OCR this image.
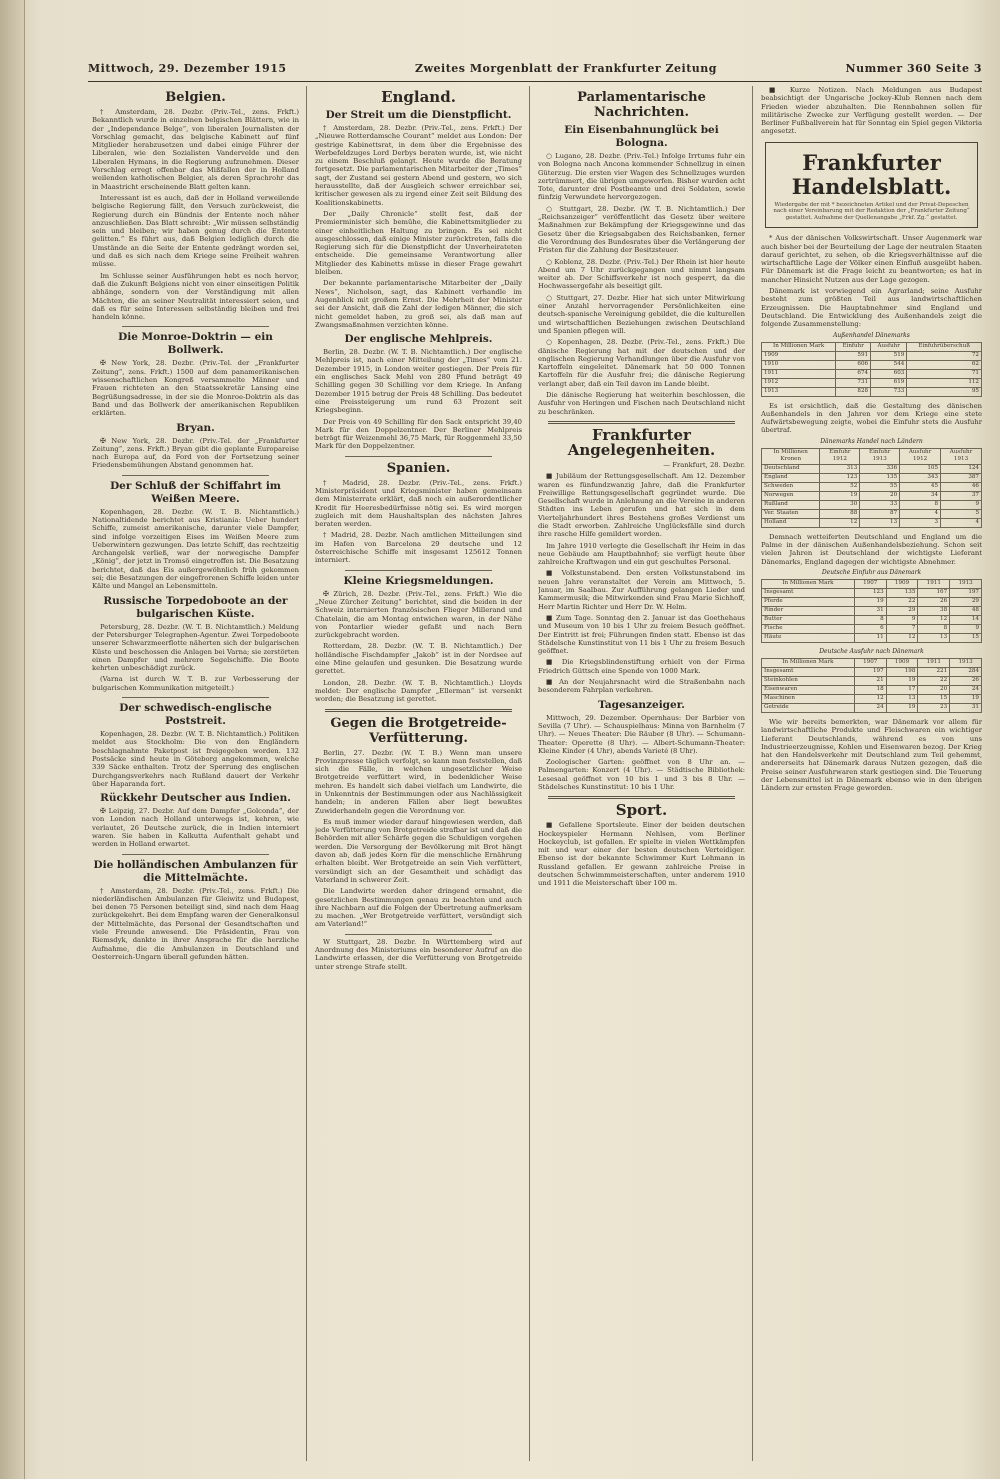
Mittwoch, 29. Dezember 1915	Zweites Morgenblatt der Frankfurter Zeitung	Nummer 360 Seite 3
Belgien.

† Amsterdam, 28. Dezbr. (Priv.-Tel., zens. Frkft.) Bekanntlich wurde in einzelnen belgischen Blättern, wie in der „Independance Belge“, von liberalen Journalisten der Vorschlag gemacht, das belgische Kabinett auf fünf Mitglieder herabzusetzen und dabei einige Führer der Liberalen, wie den Sozialisten Vandervelde und den Liberalen Hymans, in die Regierung aufzunehmen. Dieser Vorschlag erregt offenbar das Mißfallen der in Holland weilenden katholischen Belgier, als deren Sprachrohr das in Maastricht erscheinende Blatt gelten kann.

Interessant ist es auch, daß der in Holland verweilende belgische Regierung fällt, den Versuch zurückweist, die Regierung durch ein Bündnis der Entente noch näher anzuschließen. Das Blatt schreibt: „Wir müssen selbständig sein und bleiben; wir haben genug durch die Entente gelitten.“ Es führt aus, daß Belgien lediglich durch die Umstände an die Seite der Entente gedrängt worden sei, und daß es sich nach dem Kriege seine Freiheit wahren müsse.

Im Schlusse seiner Ausführungen hebt es noch hervor, daß die Zukunft Belgiens nicht von einer einseitigen Politik abhänge, sondern von der Verständigung mit allen Mächten, die an seiner Neutralität interessiert seien, und daß es für seine Interessen selbständig bleiben und frei handeln könne.

Die Monroe-Doktrin — ein Bollwerk.

✠ New York, 28. Dezbr. (Priv.-Tel. der „Frankfurter Zeitung“, zens. Frkft.) 1500 auf dem panamerikanischen wissenschaftlichen Kongreß versammelte Männer und Frauen richteten an den Staatssekretär Lansing eine Begrüßungsadresse, in der sie die Monroe-Doktrin als das Band und das Bollwerk der amerikanischen Republiken erklärten.

Bryan.

✠ New York, 28. Dezbr. (Priv.-Tel. der „Frankfurter Zeitung“, zens. Frkft.) Bryan gibt die geplante Europareise nach Europa auf, da Ford von der Fortsetzung seiner Friedensbemühungen Abstand genommen hat.

Der Schluß der Schiffahrt im Weißen Meere.

Kopenhagen, 28. Dezbr. (W. T. B. Nichtamtlich.) Nationaltidende berichtet aus Kristiania: Ueber hundert Schiffe, zumeist amerikanische, darunter viele Dampfer, sind infolge vorzeitigen Eises im Weißen Meere zum Ueberwintern gezwungen. Das letzte Schiff, das rechtzeitig Archangelsk verließ, war der norwegische Dampfer „König“, der jetzt in Tromsö eingetroffen ist. Die Besatzung berichtet, daß das Eis außergewöhnlich früh gekommen sei; die Besatzungen der eingefrorenen Schiffe leiden unter Kälte und Mangel an Lebensmitteln.

Russische Torpedoboote an der bulgarischen Küste.

Petersburg, 28. Dezbr. (W. T. B. Nichtamtlich.) Meldung der Petersburger Telegraphen-Agentur. Zwei Torpedoboote unserer Schwarzmeerflotte näherten sich der bulgarischen Küste und beschossen die Anlagen bei Varna; sie zerstörten einen Dampfer und mehrere Segelschiffe. Die Boote kehrten unbeschädigt zurück.

(Varna ist durch W. T. B. zur Verbesserung der bulgarischen Kommunikation mitgeteilt.)

Der schwedisch-englische Poststreit.

Kopenhagen, 28. Dezbr. (W. T. B. Nichtamtlich.) Politiken meldet aus Stockholm: Die von den Engländern beschlagnahmte Paketpost ist freigegeben worden. 132 Postsäcke sind heute in Göteborg angekommen, welche 339 Säcke enthalten. Trotz der Sperrung des englischen Durchgangsverkehrs nach Rußland dauert der Verkehr über Haparanda fort.

Rückkehr Deutscher aus Indien.

✠ Leipzig, 27. Dezbr. Auf dem Dampfer „Golconda“, der von London nach Holland unterwegs ist, kehren, wie verlautet, 26 Deutsche zurück, die in Indien interniert waren. Sie haben in Kalkutta Aufenthalt gehabt und werden in Holland erwartet.

Die holländischen Ambulanzen für die Mittelmächte.

† Amsterdam, 28. Dezbr. (Priv.-Tel., zens. Frkft.) Die niederländischen Ambulanzen für Gleiwitz und Budapest, bei denen 75 Personen beteiligt sind, sind nach dem Haag zurückgekehrt. Bei dem Empfang waren der Generalkonsul der Mittelmächte, das Personal der Gesandtschaften und viele Freunde anwesend. Die Präsidentin, Frau von Riemsdyk, dankte in ihrer Ansprache für die herzliche Aufnahme, die die Ambulanzen in Deutschland und Oesterreich-Ungarn überall gefunden hätten.

England.
Der Streit um die Dienstpflicht.

† Amsterdam, 28. Dezbr. (Priv.-Tel., zens. Frkft.) Der „Nieuwe Rotterdamsche Courant“ meldet aus London: Der gestrige Kabinettsrat, in dem über die Ergebnisse des Werbefeldzuges Lord Derbys beraten wurde, ist, wie nicht zu einem Beschluß gelangt. Heute wurde die Beratung fortgesetzt. Die parlamentarischen Mitarbeiter der „Times“ sagt, der Zustand sei gestern Abend und gestern, wo sich herausstellte, daß der Ausgleich schwer erreichbar sei, kritischer gewesen als zu irgend einer Zeit seit Bildung des Koalitionskabinetts.

Der „Daily Chronicle“ stellt fest, daß der Premierminister sich bemühe, die Kabinettsmitglieder zu einer einheitlichen Haltung zu bringen. Es sei nicht ausgeschlossen, daß einige Minister zurücktreten, falls die Regierung sich für die Dienstpflicht der Unverheirateten entscheide. Die gemeinsame Verantwortung aller Mitglieder des Kabinetts müsse in dieser Frage gewahrt bleiben.

Der bekannte parlamentarische Mitarbeiter der „Daily News“, Nicholson, sagt, das Kabinett verhandle im Augenblick mit großem Ernst. Die Mehrheit der Minister sei der Ansicht, daß die Zahl der ledigen Männer, die sich nicht gemeldet haben, zu groß sei, als daß man auf Zwangsmaßnahmen verzichten könne.

Der englische Mehlpreis.

Berlin, 28. Dezbr. (W. T. B. Nichtamtlich.) Der englische Mehlpreis ist, nach einer Mitteilung der „Times“ vom 21. Dezember 1915, in London weiter gestiegen. Der Preis für ein englisches Sack Mehl von 280 Pfund beträgt 49 Schilling gegen 30 Schilling vor dem Kriege. In Anfang Dezember 1915 betrug der Preis 48 Schilling. Das bedeutet eine Preissteigerung um rund 63 Prozent seit Kriegsbeginn.

Der Preis von 49 Schilling für den Sack entspricht 39,40 Mark für den Doppelzentner. Der Berliner Mehlpreis beträgt für Weizenmehl 36,75 Mark, für Roggenmehl 33,50 Mark für den Doppelzentner.

Spanien.

† Madrid, 28. Dezbr. (Priv.-Tel., zens. Frkft.) Ministerpräsident und Kriegsminister haben gemeinsam dem Ministerrate erklärt, daß noch ein außerordentlicher Kredit für Heeresbedürfnisse nötig sei. Es wird morgen zugleich mit dem Haushaltsplan des nächsten Jahres beraten werden.

† Madrid, 28. Dezbr. Nach amtlichen Mitteilungen sind im Hafen von Barcelona 29 deutsche und 12 österreichische Schiffe mit insgesamt 125612 Tonnen interniert.

Kleine Kriegsmeldungen.

✠ Zürich, 28. Dezbr. (Priv.-Tel., zens. Frkft.) Wie die „Neue Zürcher Zeitung“ berichtet, sind die beiden in der Schweiz internierten französischen Flieger Millerand und Chatelain, die am Montag entwichen waren, in der Nähe von Pontarlier wieder gefaßt und nach Bern zurückgebracht worden.

Rotterdam, 28. Dezbr. (W. T. B. Nichtamtlich.) Der holländische Fischdampfer „Jakob“ ist in der Nordsee auf eine Mine gelaufen und gesunken. Die Besatzung wurde gerettet.

London, 28. Dezbr. (W. T. B. Nichtamtlich.) Lloyds meldet: Der englische Dampfer „Ellerman“ ist versenkt worden; die Besatzung ist gerettet.

Gegen die Brotgetreide-Verfütterung.

Berlin, 27. Dezbr. (W. T. B.) Wenn man unsere Provinzpresse täglich verfolgt, so kann man feststellen, daß sich die Fälle, in welchen ungesetzlicher Weise Brotgetreide verfüttert wird, in bedenklicher Weise mehren. Es handelt sich dabei vielfach um Landwirte, die in Unkenntnis der Bestimmungen oder aus Nachlässigkeit handeln; in anderen Fällen aber liegt bewußtes Zuwiderhandeln gegen die Verordnung vor.

Es muß immer wieder darauf hingewiesen werden, daß jede Verfütterung von Brotgetreide strafbar ist und daß die Behörden mit aller Schärfe gegen die Schuldigen vorgehen werden. Die Versorgung der Bevölkerung mit Brot hängt davon ab, daß jedes Korn für die menschliche Ernährung erhalten bleibt. Wer Brotgetreide an sein Vieh verfüttert, versündigt sich an der Gesamtheit und schädigt das Vaterland in schwerer Zeit.

Die Landwirte werden daher dringend ermahnt, die gesetzlichen Bestimmungen genau zu beachten und auch ihre Nachbarn auf die Folgen der Übertretung aufmerksam zu machen. „Wer Brotgetreide verfüttert, versündigt sich am Vaterland!“

W Stuttgart, 28. Dezbr. In Württemberg wird auf Anordnung des Ministeriums ein besonderer Aufruf an die Landwirte erlassen, der die Verfütterung von Brotgetreide unter strenge Strafe stellt.

Parlamentarische Nachrichten.
Ein Eisenbahnunglück bei Bologna.

○ Lugano, 28. Dezbr. (Priv.-Tel.) Infolge Irrtums fuhr ein von Bologna nach Ancona kommender Schnellzug in einen Güterzug. Die ersten vier Wagen des Schnellzuges wurden zertrümmert, die übrigen umgeworfen. Bisher wurden acht Tote, darunter drei Postbeamte und drei Soldaten, sowie fünfzig Verwundete hervorgezogen.

○ Stuttgart, 28. Dezbr. (W. T. B. Nichtamtlich.) Der „Reichsanzeiger“ veröffentlicht das Gesetz über weitere Maßnahmen zur Bekämpfung der Kriegsgewinne und das Gesetz über die Kriegsabgaben des Reichsbanken, ferner die Verordnung des Bundesrates über die Verlängerung der Fristen für die Zahlung der Besitzsteuer.

○ Koblenz, 28. Dezbr. (Priv.-Tel.) Der Rhein ist hier heute Abend um 7 Uhr zurückgegangen und nimmt langsam weiter ab. Der Schiffsverkehr ist noch gesperrt, da die Hochwassergefahr als beseitigt gilt.

○ Stuttgart, 27. Dezbr. Hier hat sich unter Mitwirkung einer Anzahl hervorragender Persönlichkeiten eine deutsch-spanische Vereinigung gebildet, die die kulturellen und wirtschaftlichen Beziehungen zwischen Deutschland und Spanien pflegen will.

○ Kopenhagen, 28. Dezbr. (Priv.-Tel., zens. Frkft.) Die dänische Regierung hat mit der deutschen und der englischen Regierung Verhandlungen über die Ausfuhr von Kartoffeln eingeleitet. Dänemark hat 50 000 Tonnen Kartoffeln für die Ausfuhr frei; die dänische Regierung verlangt aber, daß ein Teil davon im Lande bleibt.

Die dänische Regierung hat weiterhin beschlossen, die Ausfuhr von Heringen und Fischen nach Deutschland nicht zu beschränken.

Frankfurter Angelegenheiten.

— Frankfurt, 28. Dezbr.

■ Jubiläum der Rettungsgesellschaft. Am 12. Dezember waren es fünfundzwanzig Jahre, daß die Frankfurter Freiwillige Rettungsgesellschaft gegründet wurde. Die Gesellschaft wurde in Anlehnung an die Vereine in anderen Städten ins Leben gerufen und hat sich in dem Vierteljahrhundert ihres Bestehens großes Verdienst um die Stadt erworben. Zahlreiche Unglücksfälle sind durch ihre rasche Hilfe gemildert worden.

Im Jahre 1910 verlegte die Gesellschaft ihr Heim in das neue Gebäude am Hauptbahnhof; sie verfügt heute über zahlreiche Kraftwagen und ein gut geschultes Personal.

■ Volkstunstabend. Den ersten Volkstunstabend im neuen Jahre veranstaltet der Verein am Mittwoch, 5. Januar, im Saalbau. Zur Aufführung gelangen Lieder und Kammermusik; die Mitwirkenden sind Frau Marie Sichhoff, Herr Martin Richter und Herr Dr. W. Helm.

■ Zum Tage. Sonntag den 2. Januar ist das Goethehaus und Museum von 10 bis 1 Uhr zu freiem Besuch geöffnet. Der Eintritt ist frei; Führungen finden statt. Ebenso ist das Städelsche Kunstinstitut von 11 bis 1 Uhr zu freiem Besuch geöffnet.

■ Die Kriegsblindenstiftung erhielt von der Firma Friedrich Güttsch eine Spende von 1000 Mark.

■ An der Neujahrsnacht wird die Straßenbahn nach besonderem Fahrplan verkehren.

Tagesanzeiger.

Mittwoch, 29. Dezember. Opernhaus: Der Barbier von Sevilla (7 Uhr). — Schauspielhaus: Minna von Barnhelm (7 Uhr). — Neues Theater: Die Räuber (8 Uhr). — Schumann-Theater: Operette (8 Uhr). — Albert-Schumann-Theater: Kleine Kinder (4 Uhr), abends Varieté (8 Uhr).

Zoologischer Garten: geöffnet von 8 Uhr an. — Palmengarten: Konzert (4 Uhr). — Städtische Bibliothek: Lesesaal geöffnet von 10 bis 1 und 3 bis 8 Uhr. — Städelsches Kunstinstitut: 10 bis 1 Uhr.

Sport.

■ Gefallene Sportsleute. Einer der beiden deutschen Hockeyspieler Hermann Nehlsen, vom Berliner Hockeyclub, ist gefallen. Er spielte in vielen Wettkämpfen mit und war einer der besten deutschen Verteidiger. Ebenso ist der bekannte Schwimmer Kurt Lehmann in Russland gefallen. Er gewann zahlreiche Preise in deutschen Schwimmmeisterschaften, unter anderem 1910 und 1911 die Meisterschaft über 100 m.

■ Kurze Notizen. Nach Meldungen aus Budapest beabsichtigt der Ungarische Jockey-Klub Rennen nach dem Frieden wieder abzuhalten. Die Rennbahnen sollen für militärische Zwecke zur Verfügung gestellt werden. — Der Berliner Fußballverein hat für Sonntag ein Spiel gegen Viktoria angesetzt.

Frankfurter Handelsblatt.
Wiedergabe der mit * bezeichneten Artikel und der Privat-Depeschen nach einer Vereinbarung mit der Redaktion der „Frankfurter Zeitung“ gestattet. Aufnahme der Quellenangabe „Frkf. Zg.“ gestattet.

* Aus der dänischen Volkswirtschaft. Unser Augenmerk war auch bisher bei der Beurteilung der Lage der neutralen Staaten darauf gerichtet, zu sehen, ob die Kriegsverhältnisse auf die wirtschaftliche Lage der Völker einen Einfluß ausgeübt haben. Für Dänemark ist die Frage leicht zu beantworten; es hat in mancher Hinsicht Nutzen aus der Lage gezogen.

Dänemark ist vorwiegend ein Agrarland; seine Ausfuhr besteht zum größten Teil aus landwirtschaftlichen Erzeugnissen. Die Hauptabnehmer sind England und Deutschland. Die Entwicklung des Außenhandels zeigt die folgende Zusammenstellung:

Außenhandel Dänemarks
In Millionen Mark	Einfuhr	Ausfuhr	Einfuhrüberschuß
1909	591	519	72
1910	606	544	62
1911	674	603	71
1912	731	619	112
1913	828	733	95

Es ist ersichtlich, daß die Gestaltung des dänischen Außenhandels in den Jahren vor dem Kriege eine stete Aufwärtsbewegung zeigte, wobei die Einfuhr stets die Ausfuhr übertraf.

Dänemarks Handel nach Ländern
In Millionen Kronen	Einfuhr 1912	Einfuhr 1913	Ausfuhr 1912	Ausfuhr 1913
Deutschland	313	336	105	124
England	123	135	343	387
Schweden	52	55	45	46
Norwegen	19	20	34	37
Rußland	30	33	8	9
Ver. Staaten	88	87	4	5
Holland	12	13	3	4

Demnach wetteiferten Deutschland und England um die Palme in der dänischen Außenhandelsbeziehung. Schon seit vielen Jahren ist Deutschland der wichtigste Lieferant Dänemarks, England dagegen der wichtigste Abnehmer.

Deutsche Einfuhr aus Dänemark
In Millionen Mark	1907	1909	1911	1913
Insgesamt	123	135	167	197
Pferde	19	22	26	29
Rinder	31	29	38	48
Butter	8	9	12	14
Fische	6	7	8	9
Häute	11	12	13	15
Deutsche Ausfuhr nach Dänemark
In Millionen Mark	1907	1909	1911	1913
Insgesamt	197	198	221	284
Steinkohlen	21	19	22	26
Eisenwaren	18	17	20	24
Maschinen	12	13	15	19
Getreide	24	19	23	31

Wie wir bereits bemerkten, war Dänemark vor allem für landwirtschaftliche Produkte und Fleischwaren ein wichtiger Lieferant Deutschlands, während es von uns Industrieerzeugnisse, Kohlen und Eisenwaren bezog. Der Krieg hat den Handelsverkehr mit Deutschland zum Teil gehemmt, andererseits hat Dänemark daraus Nutzen gezogen, daß die Preise seiner Ausfuhrwaren stark gestiegen sind. Die Teuerung der Lebensmittel ist in Dänemark ebenso wie in den übrigen Ländern zur ernsten Frage geworden.
